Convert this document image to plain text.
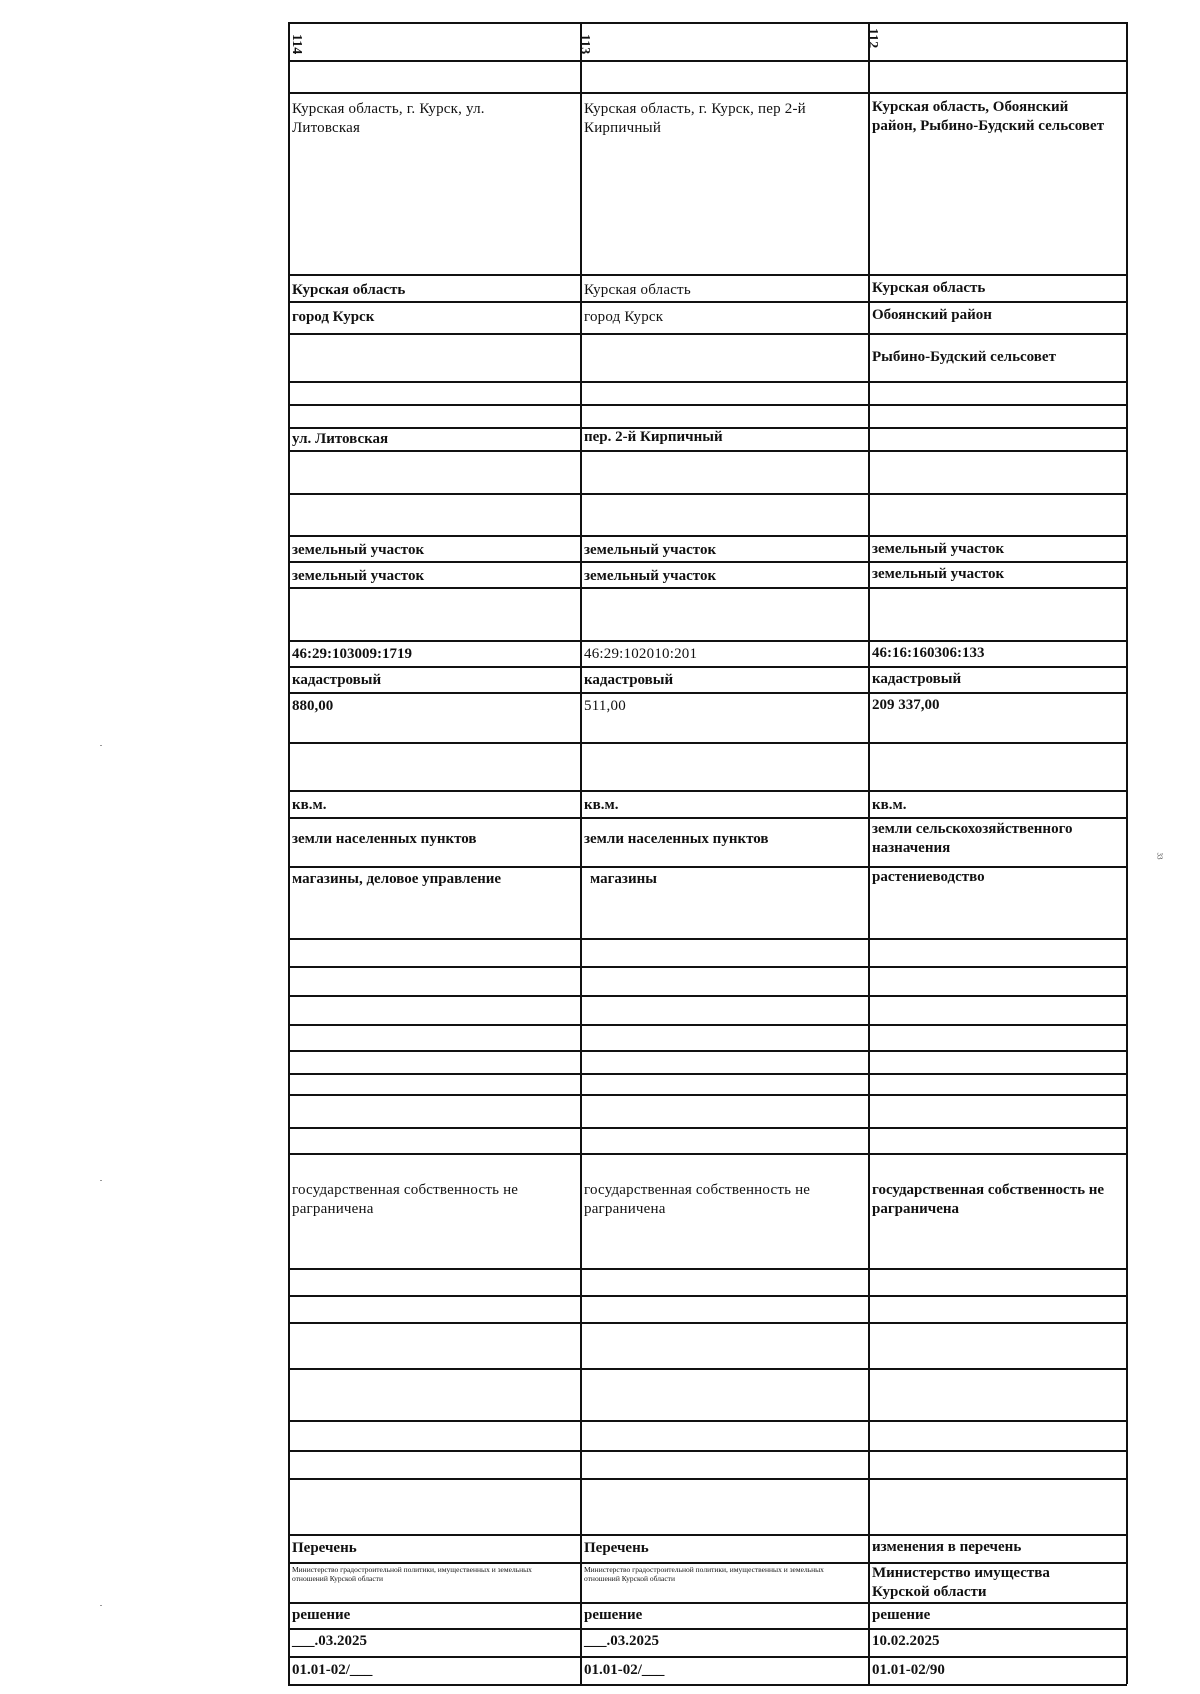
114
Курская область, г. Курск, ул. Литовская
Курская область
город Курск
ул. Литовская
земельный участок
земельный участок
46:29:103009:1719
кадастровый
880,00
кв.м.
земли населенных пунктов
магазины, деловое управление
государственная собственность не раграничена
Перечень
Министерство градостроительной политики, имущественных и земельных отношений Курской области
решение
___.03.2025
01.01-02/___
113
Курская область, г. Курск, пер 2-й Кирпичный
Курская область
город Курск
пер. 2-й Кирпичный
земельный участок
земельный участок
46:29:102010:201
кадастровый
511,00
кв.м.
земли населенных пунктов
магазины
государственная собственность не раграничена
Перечень
Министерство градостроительной политики, имущественных и земельных отношений Курской области
решение
___.03.2025
01.01-02/___
112
Курская область, Обоянский район, Рыбино-Будский сельсовет
Курская область
Обоянский район
Рыбино-Будский сельсовет
земельный участок
земельный участок
46:16:160306:133
кадастровый
209 337,00
кв.м.
земли сельскохозяйственного назначения
растениеводство
государственная собственность не раграничена
изменения в перечень
Министерство имущества Курской области
решение
10.02.2025
01.01-02/90
33
